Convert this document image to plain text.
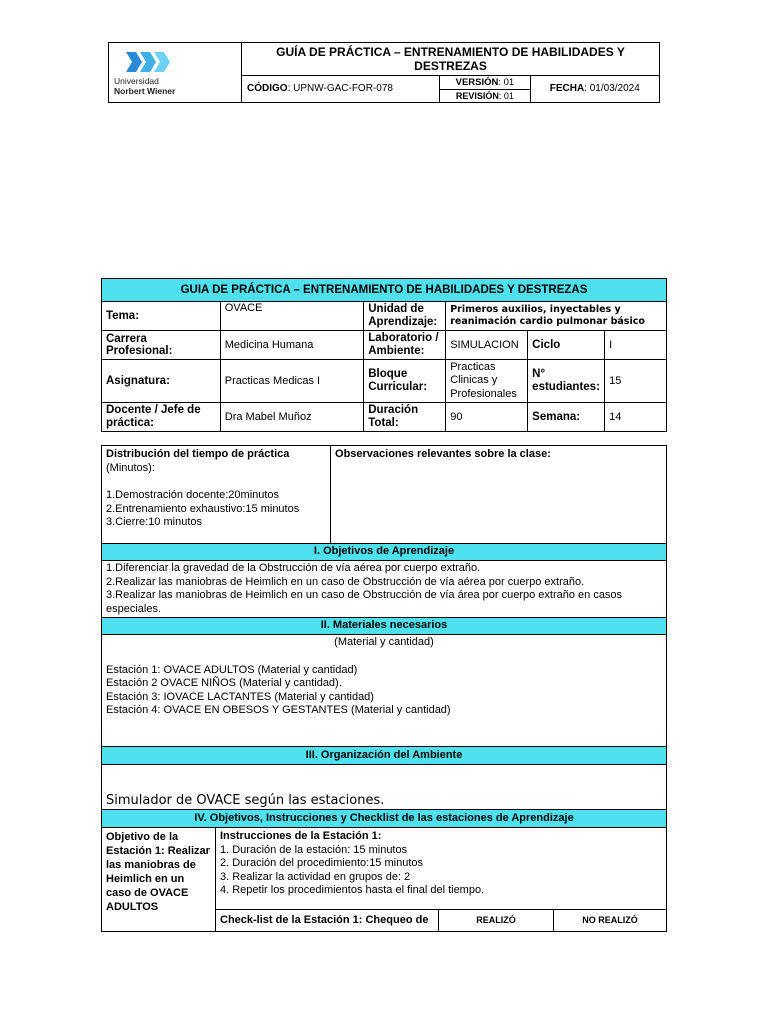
Universidad
Norbert Wiener	GUÍA DE PRÁCTICA – ENTRENAMIENTO DE HABILIDADES Y DESTREZAS		
	CÓDIGO: UPNW-GAC-FOR-078	VERSIÓN: 01	FECHA: 01/03/2024
		REVISIÓN: 01	
GUIA DE PRÁCTICA – ENTRENAMIENTO DE HABILIDADES Y DESTREZAS					
Tema:	OVACE	Unidad de Aprendizaje:	Primeros auxilios, inyectables y reanimación cardio pulmonar básico		
Carrera Profesional:	Medicina Humana	Laboratorio / Ambiente:	SIMULACION	Ciclo	I
Asignatura:	Practicas Medicas I	Bloque Curricular:	Practicas Clinicas y Profesionales	N° estudiantes:	15
Docente / Jefe de práctica:	Dra Mabel Muñoz	Duración Total:	90	Semana:	14
Distribución del tiempo de práctica
(Minutos):
1.Demostración docente:20minutos
2.Entrenamiento exhaustivo:15 minutos
3.Cierre:10 minutos		Observaciones relevantes sobre la clase:		
I. Objetivos de Aprendizaje				

1.Diferenciar la gravedad de la Obstrucción de vía aérea por cuerpo extraño.
2.Realizar las maniobras de Heimlich en un caso de Obstrucción de vía aérea por cuerpo extraño.
3.Realizar las maniobras de Heimlich en un caso de Obstrucción de vía área por cuerpo extraño en casos especiales.				

II. Materiales necesarios				

(Material y cantidad)
Estación 1: OVACE ADULTOS (Material y cantidad)
Estación 2 OVACE NIÑOS (Material y cantidad).
Estación 3: IOVACE LACTANTES (Material y cantidad)
Estación 4: OVACE EN OBESOS Y GESTANTES (Material y cantidad)				

III. Organización del Ambiente				
Simulador de OVACE según las estaciones.				
IV. Objetivos, Instrucciones y Checklist de las estaciones de Aprendizaje				
Objetivo de la Estación 1: Realizar las maniobras de Heimlich en un caso de OVACE ADULTOS	Instrucciones de la Estación 1:
1. Duración de la estación: 15 minutos
2. Duración del procedimiento:15 minutos
3. Realizar la actividad en grupos de: 2
4. Repetir los procedimientos hasta el final del tiempo.			

	Check-list de la Estación 1: Chequeo de		REALIZÓ	NO REALIZÓ
